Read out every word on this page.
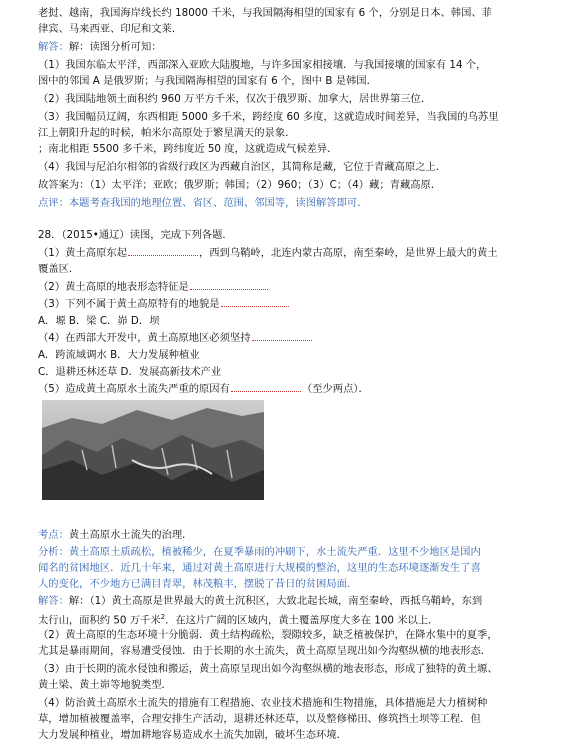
老挝、越南，我国海岸线长约 18000 千米，与我国隔海相望的国家有 6 个，分别是日本、韩国、菲
律宾、马来西亚、印尼和文莱．
解答：解：读图分析可知：
（1）我国东临太平洋，西部深入亚欧大陆腹地，与许多国家相接壤．与我国接壤的国家有 14 个，
图中的邻国 A 是俄罗斯；与我国隔海相望的国家有 6 个，图中 B 是韩国．
（2）我国陆地领土面积约 960 万平方千米，仅次于俄罗斯、加拿大，居世界第三位．
（3）我国幅员辽阔，东西相距 5000 多千米，跨经度 60 多度，这就造成时间差异，当我国的乌苏里
江上朝阳升起的时候，帕米尔高原处于繁星满天的景象．
；南北相距 5500 多千米，跨纬度近 50 度，这就造成气候差异．
（4）我国与尼泊尔相邻的省级行政区为西藏自治区，其简称是藏，它位于青藏高原之上．
故答案为：（1）太平洋；亚欧；俄罗斯；韩国；（2）960；（3）C；（4）藏；青藏高原．
点评：本题考查我国的地理位置、省区、范围、邻国等，读图解答即可．
28．（2015•通辽）读图，完成下列各题．
（1）黄土高原东起	，西到乌鞘岭，北连内蒙古高原，南至秦岭，是世界上最大的黄土
覆盖区．
（2）黄土高原的地表形态特征是
（3）下列不属于黄土高原特有的地貌是
A．塬 B．梁 C．峁 D．坝
（4）在西部大开发中，黄土高原地区必须坚持
A．跨流域调水 B．大力发展种植业
C．退耕还林还草 D．发展高新技术产业
（5）造成黄土高原水土流失严重的原因有	（至少两点）．
考点：黄土高原水土流失的治理．
分析：黄土高原土质疏松，植被稀少，在夏季暴雨的冲刷下，水土流失严重．这里不少地区是国内
闻名的贫困地区．近几十年来，通过对黄土高原进行大规模的整治，这里的生态环境逐渐发生了喜
人的变化，不少地方已满目青翠，林茂粮丰，摆脱了昔日的贫困局面．
解答：解：（1）黄土高原是世界最大的黄土沉积区，大致北起长城，南至秦岭，西抵乌鞘岭，东到
太行山，面积约 50 万千米$^2$．在这片广阔的区域内，黄土覆盖厚度大多在 100 米以上．
（2）黄土高原的生态环境十分脆弱．黄土结构疏松，裂隙较多，缺乏植被保护，在降水集中的夏季，
尤其是暴雨期间，容易遭受侵蚀．由于长期的水土流失，黄土高原呈现出如今沟壑纵横的地表形态．
（3）由于长期的流水侵蚀和搬运，黄土高原呈现出如今沟壑纵横的地表形态，形成了独特的黄土塬、
黄土梁、黄土峁等地貌类型．
（4）防治黄土高原水土流失的措施有工程措施、农业技术措施和生物措施，具体措施是大力植树种
草，增加植被覆盖率，合理安排生产活动，退耕还林还草，以及整修梯田、修筑挡土坝等工程．但
大力发展种植业，增加耕地容易造成水土流失加剧，破坏生态环境．
